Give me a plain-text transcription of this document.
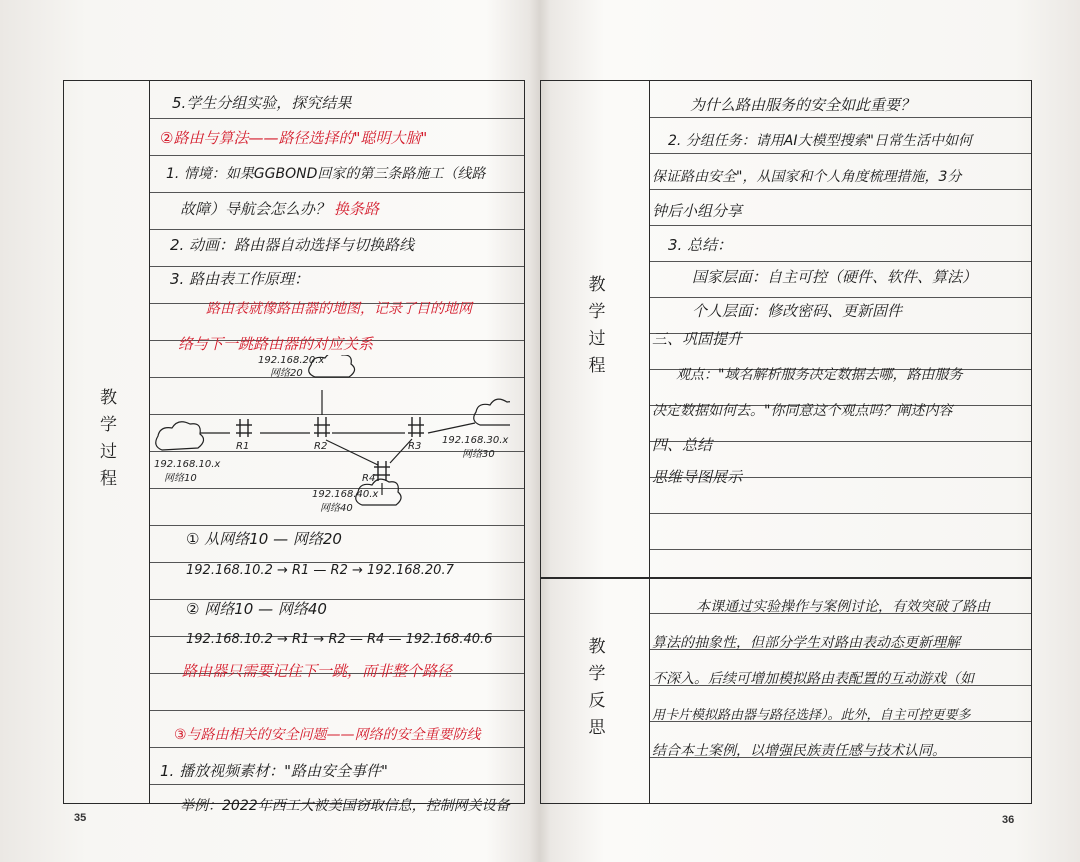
教学过程
5.学生分组实验，探究结果
②路由与算法——路径选择的"聪明大脑"
1. 情境：如果GGBOND回家的第三条路施工（线路
故障）导航会怎么办？ 换条路
2. 动画：路由器自动选择与切换路线
3. 路由表工作原理：
路由表就像路由器的地图，记录了目的地网
络与下一跳路由器的对应关系
R1	R2	R3
R4
192.168.10.x
网络10
192.168.20.x
网络20
192.168.30.x
网络30
192.168.40.x
网络40
① 从网络10 — 网络20
192.168.10.2 → R1 — R2 → 192.168.20.7
② 网络10 — 网络40
192.168.10.2 → R1 → R2 — R4 — 192.168.40.6
路由器只需要记住下一跳，而非整个路径
③与路由相关的安全问题——网络的安全重要防线
1. 播放视频素材："路由安全事件"
举例：2022年西工大被美国窃取信息，控制网关设备
35
教学过程
教学反思
为什么路由服务的安全如此重要？
2. 分组任务：请用AI大模型搜索"日常生活中如何
保证路由安全"，从国家和个人角度梳理措施，3分
钟后小组分享
3. 总结：
国家层面：自主可控（硬件、软件、算法）
个人层面：修改密码、更新固件
三、巩固提升
观点："域名解析服务决定数据去哪，路由服务
决定数据如何去。"你同意这个观点吗？阐述内容
四、总结
思维导图展示
本课通过实验操作与案例讨论，有效突破了路由
算法的抽象性，但部分学生对路由表动态更新理解
不深入。后续可增加模拟路由表配置的互动游戏（如
用卡片模拟路由器与路径选择）。此外，自主可控更要多
结合本土案例，以增强民族责任感与技术认同。
36
